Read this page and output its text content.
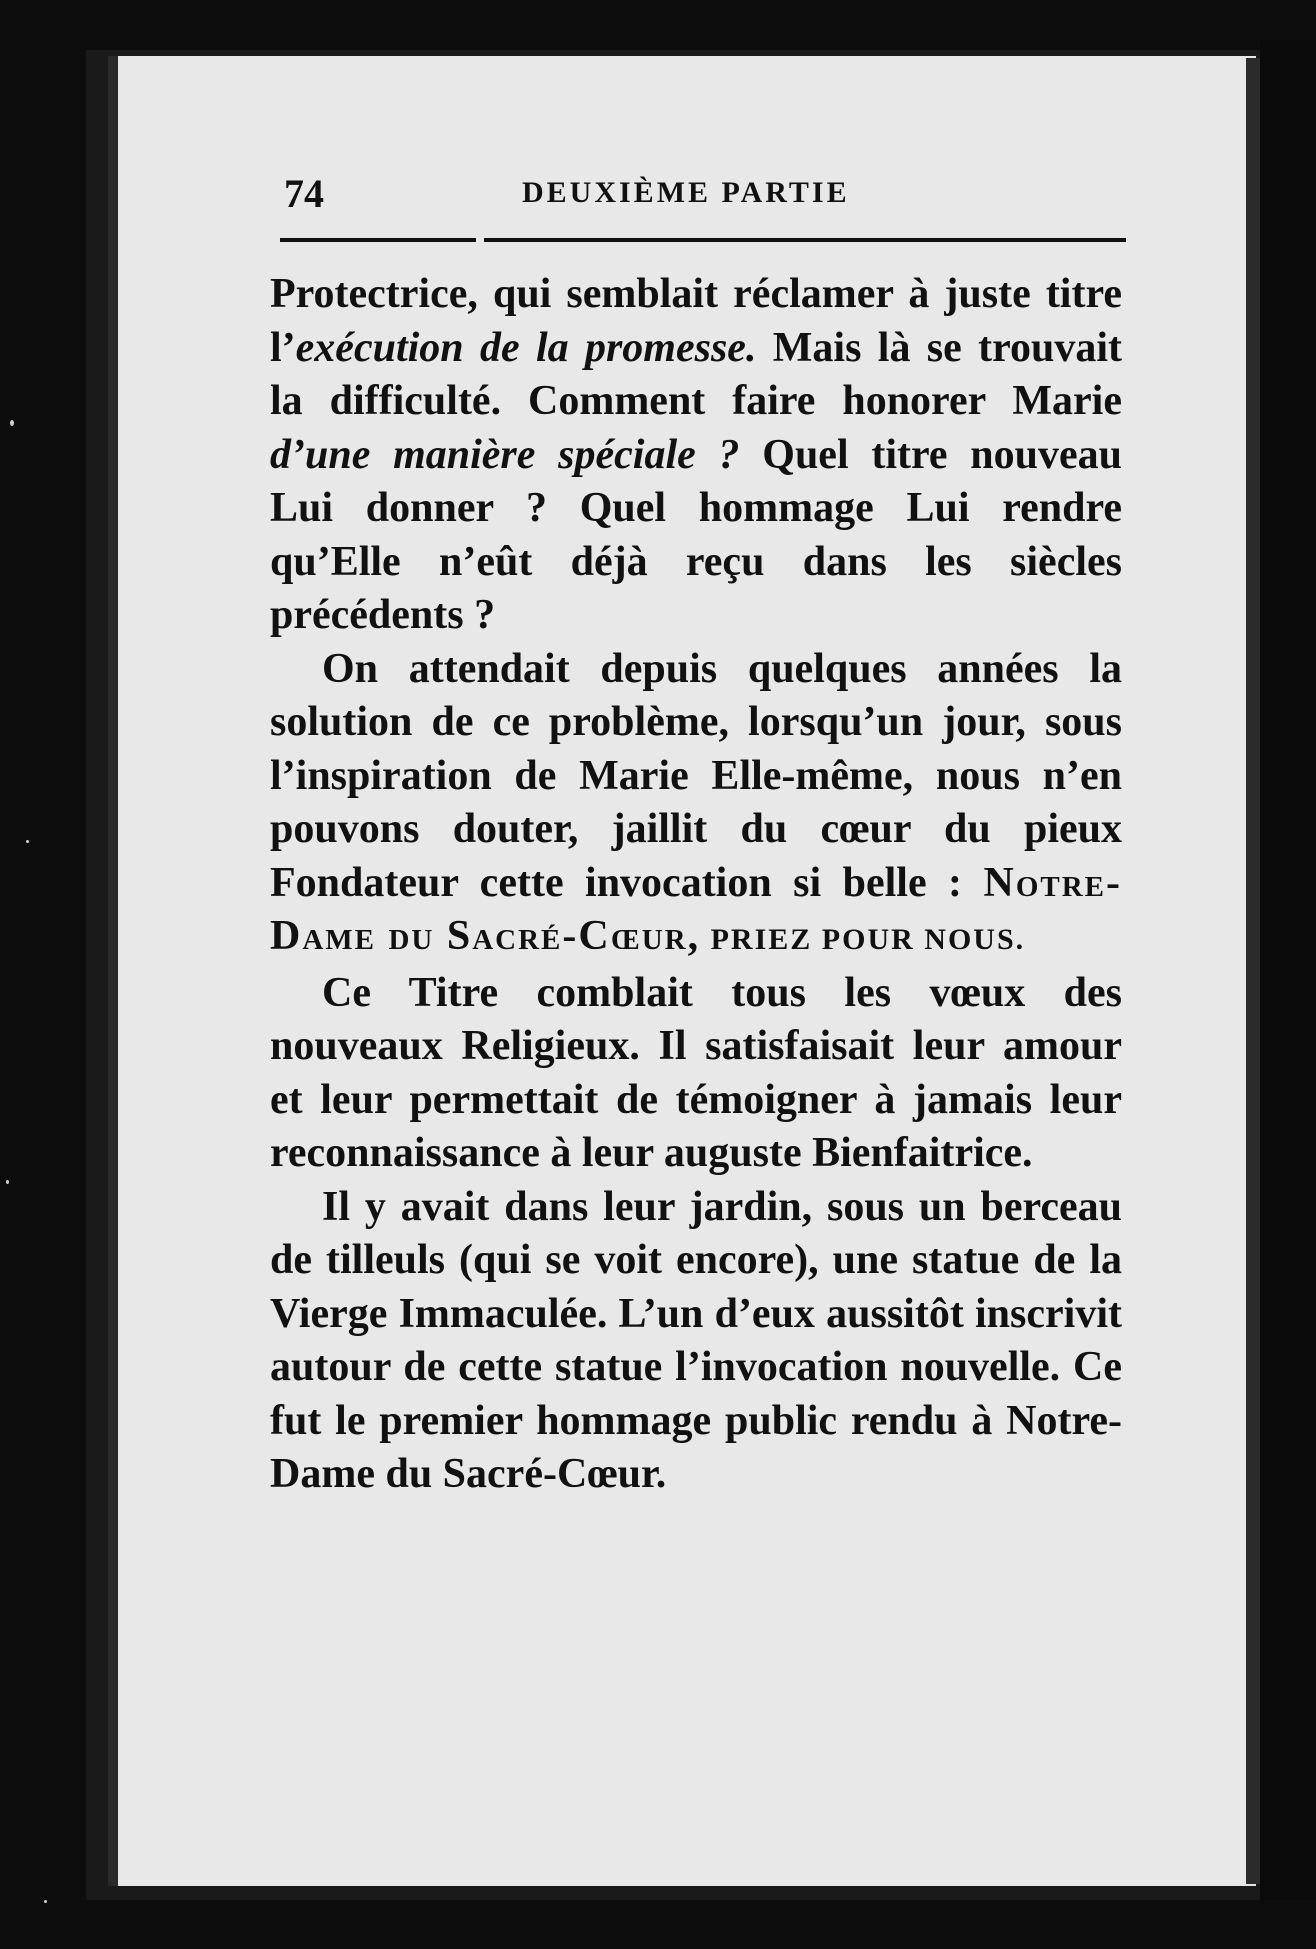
74	DEUXIÈME PARTIE

Protectrice, qui semblait réclamer à juste titre l’exécution de la promesse. Mais là se trouvait la difficulté. Comment faire honorer Marie d’une manière spéciale ? Quel titre nouveau Lui donner ? Quel hommage Lui rendre qu’Elle n’eût déjà reçu dans les siècles précédents ?

On attendait depuis quelques années la solution de ce problème, lorsqu’un jour, sous l’inspiration de Marie Elle-même, nous n’en pouvons douter, jaillit du cœur du pieux Fondateur cette invocation si belle : Notre-Dame du Sacré-Cœur, PRIEZ POUR NOUS.

Ce Titre comblait tous les vœux des nouveaux Religieux. Il satisfaisait leur amour et leur permettait de témoigner à jamais leur reconnaissance à leur auguste Bienfaitrice.

Il y avait dans leur jardin, sous un berceau de tilleuls (qui se voit encore), une statue de la Vierge Immaculée. L’un d’eux aussitôt inscrivit autour de cette statue l’invocation nouvelle. Ce fut le premier hommage public rendu à Notre-Dame du Sacré-Cœur.
